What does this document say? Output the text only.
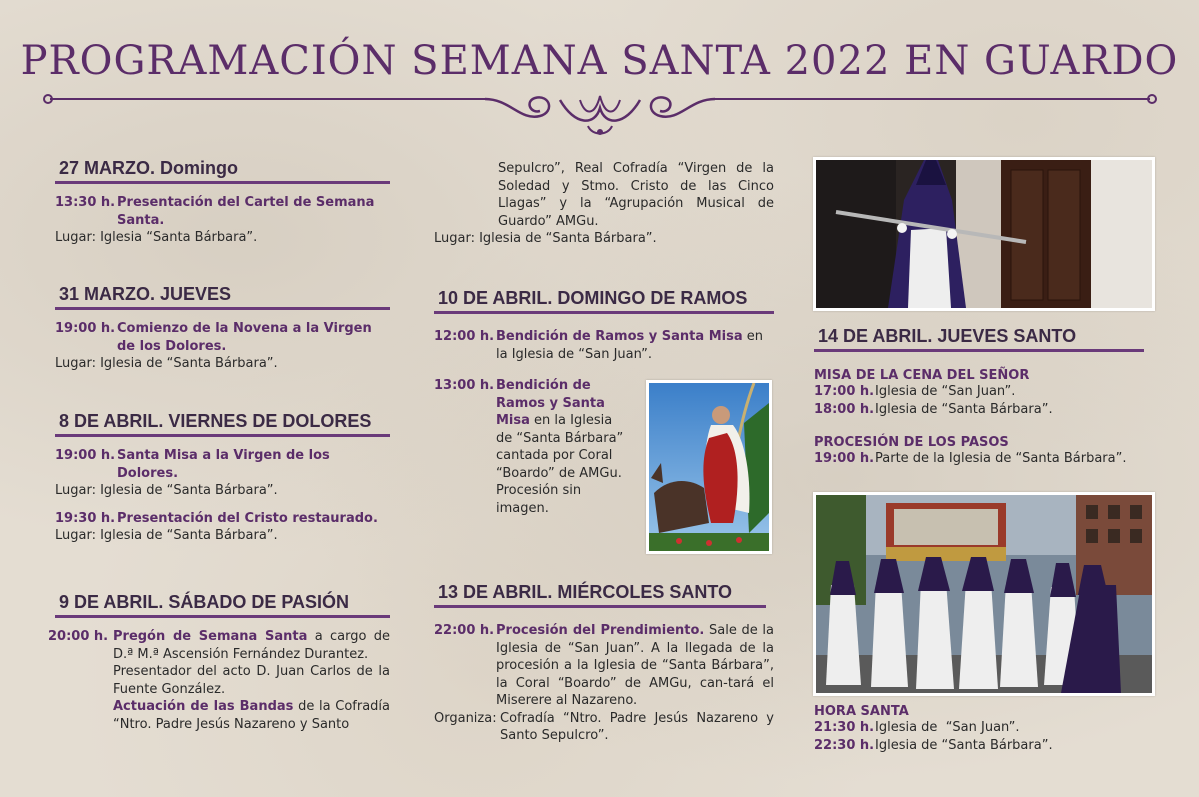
PROGRAMACIÓN SEMANA SANTA 2022 EN GUARDO
27 MARZO. Domingo
13:30 h. Presentación del Cartel de Semana Santa.
Lugar: Iglesia “Santa Bárbara”.
31 MARZO. JUEVES
19:00 h. Comienzo de la Novena a la Virgen de los Dolores.
Lugar: Iglesia de “Santa Bárbara”.
8 DE ABRIL. VIERNES DE DOLORES
19:00 h. Santa Misa a la Virgen de los Dolores.
Lugar: Iglesia de “Santa Bárbara”.
19:30 h. Presentación del Cristo restaurado.
Lugar: Iglesia de “Santa Bárbara”.
9 DE ABRIL. SÁBADO DE PASIÓN
20:00 h. Pregón de Semana Santa a cargo de D.ª M.ª Ascensión Fernández Durantez.
Presentador del acto D. Juan Carlos de la Fuente González.
Actuación de las Bandas de la Cofradía “Ntro. Padre Jesús Nazareno y Santo
Sepulcro”, Real Cofradía “Virgen de la Soledad y Stmo. Cristo de las Cinco Llagas” y la “Agrupación Musical de Guardo” AMGu.
Lugar: Iglesia de “Santa Bárbara”.
10 DE ABRIL. DOMINGO DE RAMOS
12:00 h. Bendición de Ramos y Santa Misa en la Iglesia de “San Juan”.
13:00 h. Bendición de Ramos y Santa Misa en la Iglesia de “Santa Bárbara” cantada por Coral “Boardo” de AMGu. Procesión sin imagen.
13 DE ABRIL. MIÉRCOLES SANTO
22:00 h. Procesión del Prendimiento. Sale de la Iglesia de “San Juan”. A la llegada de la procesión a la Iglesia de “Santa Bárbara”, la Coral “Boardo” de AMGu, can-tará el Miserere al Nazareno.
Organiza: Cofradía “Ntro. Padre Jesús Nazareno y Santo Sepulcro”.
14 DE ABRIL. JUEVES SANTO
MISA DE LA CENA DEL SEÑOR
17:00 h. Iglesia de “San Juan”.
18:00 h. Iglesia de “Santa Bárbara”.
PROCESIÓN DE LOS PASOS
19:00 h. Parte de la Iglesia de “Santa Bárbara”.
HORA SANTA
21:30 h. Iglesia de  “San Juan”.
22:30 h. Iglesia de “Santa Bárbara”.
